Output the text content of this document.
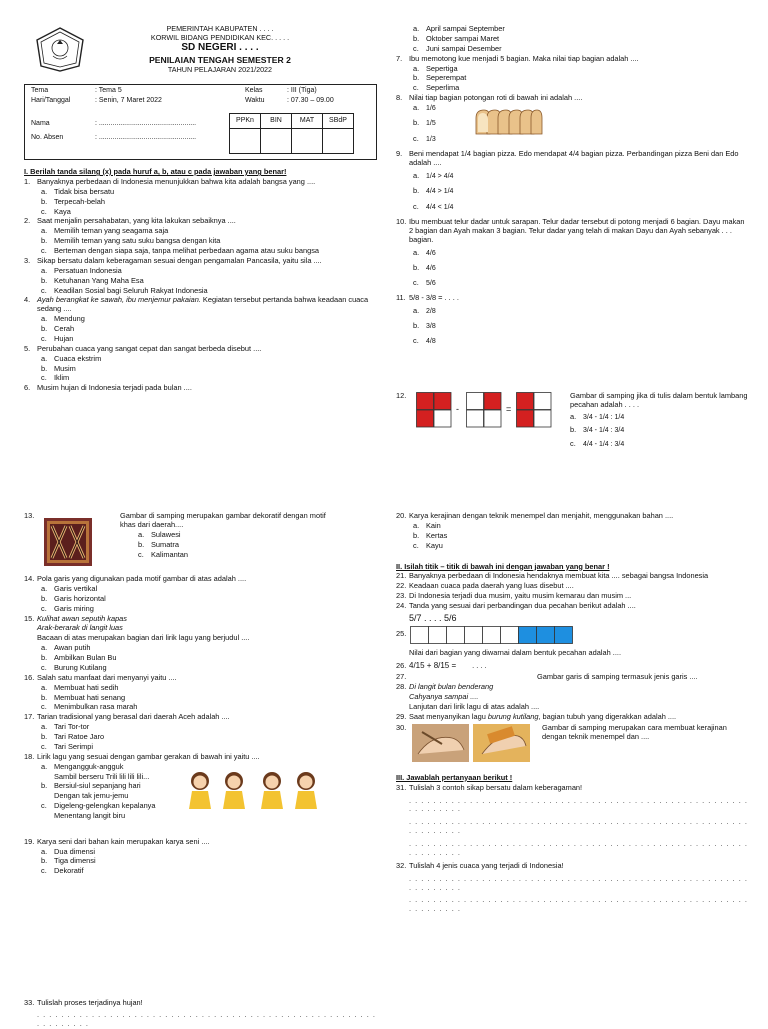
PEMERINTAH KABUPATEN . . . .
KORWIL BIDANG PENDIDIKAN KEC. . . . .
SD NEGERI . . . .
PENILAIAN TENGAH SEMESTER 2
TAHUN PELAJARAN 2021/2022
Tema	: Tema 5
Hari/Tanggal	: Senin, 7 Maret 2022
Kelas	: III (Tiga)
Waktu	: 07.30 – 09.00
Nama	: ..................................................
No. Absen	: ..................................................
PPKn	BIN	MAT	SBdP

I. Berilah tanda silang (x) pada huruf a, b, atau c pada jawaban yang benar!
1. Banyaknya perbedaan di Indonesia menunjukkan bahwa kita adalah bangsa yang ....
a. Tidak bisa bersatu
b. Terpecah-belah
c. Kaya
2. Saat menjalin persahabatan, yang kita lakukan sebaiknya ....
a. Memilih teman yang seagama saja
b. Memilih teman yang satu suku bangsa dengan kita
c. Berteman dengan siapa saja, tanpa melihat perbedaan agama atau suku bangsa
3. Sikap bersatu dalam keberagaman sesuai dengan pengamalan Pancasila, yaitu sila ....
a. Persatuan Indonesia
b. Ketuhanan Yang Maha Esa
c. Keadilan Sosial bagi Seluruh Rakyat Indonesia
4. Ayah berangkat ke sawah, ibu menjemur pakaian. Kegiatan tersebut pertanda bahwa keadaan cuaca sedang ....
a. Mendung
b. Cerah
c. Hujan
5. Perubahan cuaca yang sangat cepat dan sangat berbeda disebut ....
a. Cuaca ekstrim
b. Musim
c. Iklim
6. Musim hujan di Indonesia terjadi pada bulan ....
a. April sampai September
b. Oktober sampai Maret
c. Juni sampai Desember
7. Ibu memotong kue menjadi 5 bagian. Maka nilai tiap bagian adalah ....
a. Sepertiga
b. Seperempat
c. Seperlima
8. Nilai tiap bagian potongan roti di bawah ini adalah ....
a. 1/6
b. 1/5
c. 1/3
9. Beni mendapat 1/4 bagian pizza. Edo mendapat 4/4 bagian pizza. Perbandingan pizza Beni dan Edo adalah ....
a. 1/4 > 4/4
b. 4/4 > 1/4
c. 4/4 < 1/4
10. Ibu membuat telur dadar untuk sarapan. Telur dadar tersebut di potong menjadi 6 bagian. Dayu makan 2 bagian dan Ayah makan 3 bagian. Telur dadar yang telah di makan Dayu dan Ayah sebanyak . . . bagian.
a. 4/6
b. 4/6
c. 5/6
11. 5/8 - 3/8 = . . . .
a. 2/8
b. 3/8
c. 4/8
12.
-	=
Gambar di samping jika di tulis dalam bentuk lambang pecahan adalah . . . .
a. 3/4 - 1/4 : 1/4
b. 3/4 - 1/4 : 3/4
c. 4/4 - 1/4 : 3/4
13.	Gambar di samping merupakan gambar dekoratif dengan motif khas dari daerah....
a. Sulawesi
b. Sumatra
c. Kalimantan
14. Pola garis yang digunakan pada motif gambar di atas adalah ....
a. Garis vertikal
b. Garis horizontal
c. Garis miring
15. Kulihat awan seputih kapas
Arak-berarak di langit luas
Bacaan di atas merupakan bagian dari lirik lagu yang berjudul ....
a. Awan putih
b. Ambilkan Bulan Bu
c. Burung Kutilang
16. Salah satu manfaat dari menyanyi yaitu ....
a. Membuat hati sedih
b. Membuat hati senang
c. Menimbulkan rasa marah
17. Tarian tradisional yang berasal dari daerah Aceh adalah ....
a. Tari Tor-tor
b. Tari Ratoe Jaro
c. Tari Serimpi
18. Lirik lagu yang sesuai dengan gambar gerakan di bawah ini yaitu ....
a. Mengangguk-angguk
Sambil berseru Trili lili lili lili...
b. Bersiul-siul sepanjang hari
Dengan tak jemu-jemu
c. Digeleng-gelengkan kepalanya
Menentang langit biru
19. Karya seni dari bahan kain merupakan karya seni ....
a. Dua dimensi
b. Tiga dimensi
c. Dekoratif
20. Karya kerajinan dengan teknik menempel dan menjahit, menggunakan bahan ....
a. Kain
b. Kertas
c. Kayu
II. Isilah titik – titik di bawah ini dengan jawaban yang benar !
21. Banyaknya perbedaan di Indonesia hendaknya membuat kita .... sebagai bangsa Indonesia
22. Keadaan cuaca pada daerah yang luas disebut ....
23. Di Indonesia terjadi dua musim, yaitu musim kemarau dan musim ...
24. Tanda yang sesuai dari perbandingan dua pecahan berikut adalah ....
5/7 . . . . 5/6
25.
Nilai dari bagian yang diwarnai dalam bentuk pecahan adalah ....
26. 4/15 + 8/15 = . . . .
27.	Gambar garis di samping termasuk jenis garis ....
28. Di langit bulan benderang
Cahyanya sampai ....
Lanjutan dari lirik lagu di atas adalah ....
29. Saat menyanyikan lagu burung kutilang, bagian tubuh yang digerakkan adalah ....
30.	Gambar di samping merupakan cara membuat kerajinan dengan teknik menempel dan ....
III. Jawablah pertanyaan berikut !
31. Tulislah 3 contoh sikap bersatu dalam keberagaman!
. . . . . . . . . . . . . . . . . . . . . . . . . . . . . . . . . . . . . . . . . . . . . . . . . . . . . . . . . . . . . . . . .
. . . . . . . . . . . . . . . . . . . . . . . . . . . . . . . . . . . . . . . . . . . . . . . . . . . . . . . . . . . . . . . . .
. . . . . . . . . . . . . . . . . . . . . . . . . . . . . . . . . . . . . . . . . . . . . . . . . . . . . . . . . . . . . . . . .
32. Tulislah 4 jenis cuaca yang terjadi di Indonesia!
. . . . . . . . . . . . . . . . . . . . . . . . . . . . . . . . . . . . . . . . . . . . . . . . . . . . . . . . . . . . . . . . .
. . . . . . . . . . . . . . . . . . . . . . . . . . . . . . . . . . . . . . . . . . . . . . . . . . . . . . . . . . . . . . . . .
33. Tulislah proses terjadinya hujan!
. . . . . . . . . . . . . . . . . . . . . . . . . . . . . . . . . . . . . . . . . . . . . . . . . . . . . . . . . . . . . . . . .
